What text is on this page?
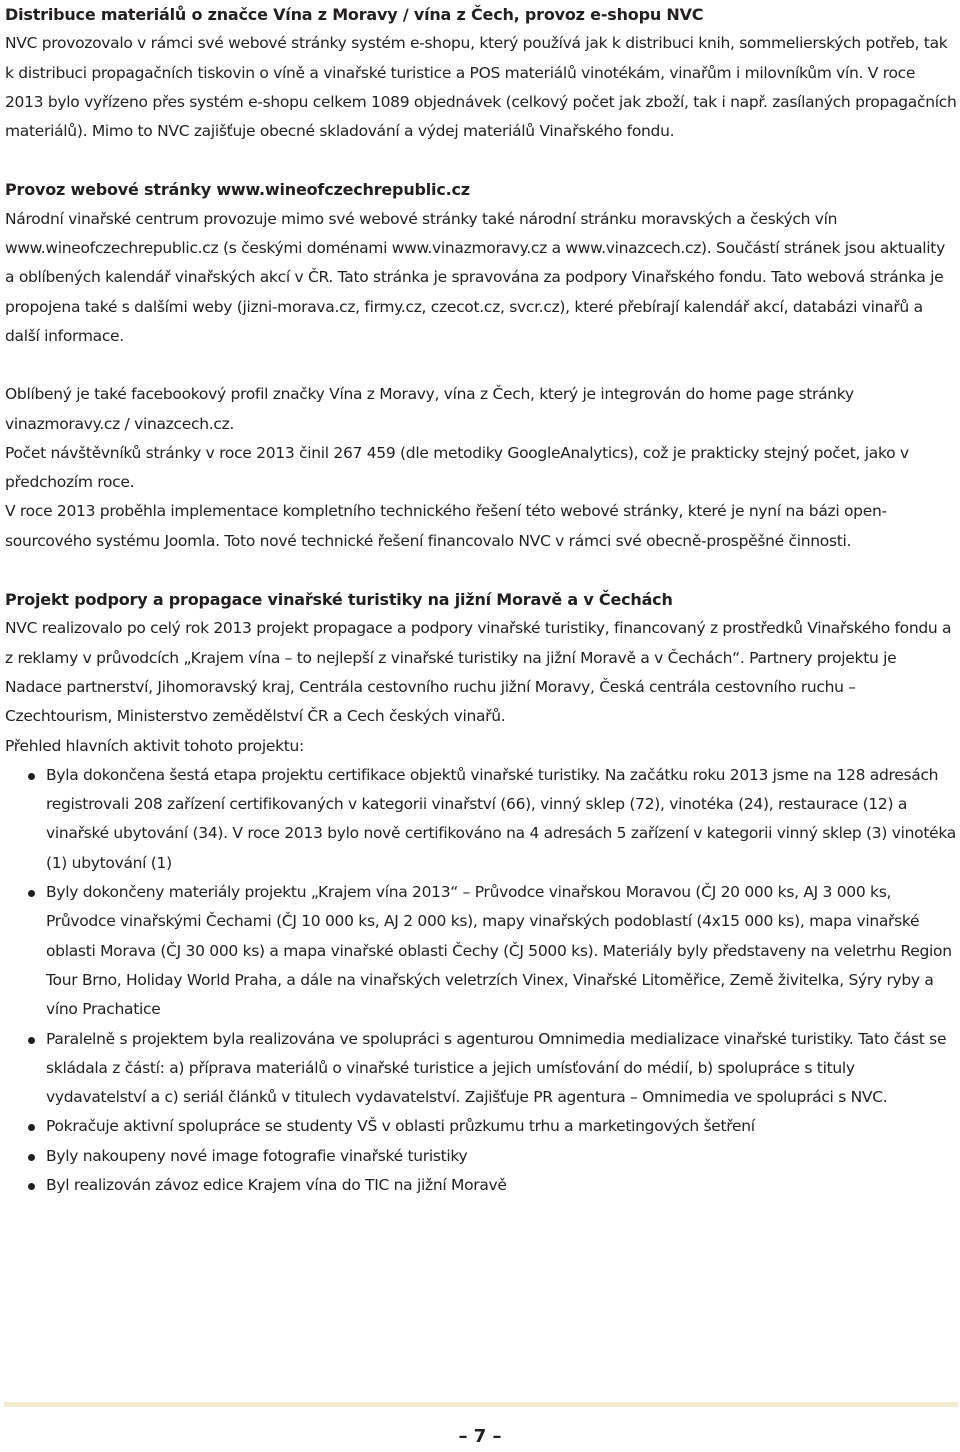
Distribuce materiálů o značce Vína z Moravy / vína z Čech, provoz e-shopu NVC

NVC provozovalo v rámci své webové stránky systém e-shopu, který používá jak k distribuci knih, sommelierských potřeb, tak k distribuci propagačních tiskovin o víně a vinařské turistice a POS materiálů vinotékám, vinařům i milovníkům vín. V roce 2013 bylo vyřízeno přes systém e-shopu celkem 1089 objednávek (celkový počet jak zboží, tak i např. zasílaných propagačních materiálů). Mimo to NVC zajišťuje obecné skladování a výdej materiálů Vinařského fondu.

Provoz webové stránky www.wineofczechrepublic.cz

Národní vinařské centrum provozuje mimo své webové stránky také národní stránku moravských a českých vín www.wineofczechrepublic.cz (s českými doménami www.vinazmoravy.cz a www.vinazcech.cz). Součástí stránek jsou aktuality a oblíbených kalendář vinařských akcí v ČR. Tato stránka je spravována za podpory Vinařského fondu. Tato webová stránka je propojena také s dalšími weby (jizni-morava.cz, firmy.cz, czecot.cz, svcr.cz), které přebírají kalendář akcí, databázi vinařů a další informace.

Oblíbený je také facebookový profil značky Vína z Moravy, vína z Čech, který je integrován do home page stránky vinazmoravy.cz / vinazcech.cz.

Počet návštěvníků stránky v roce 2013 činil 267 459 (dle metodiky GoogleAnalytics), což je prakticky stejný počet, jako v předchozím roce.

V roce 2013 proběhla implementace kompletního technického řešení této webové stránky, které je nyní na bázi open-sourcového systému Joomla. Toto nové technické řešení financovalo NVC v rámci své obecně-prospěšné činnosti.

Projekt podpory a propagace vinařské turistiky na jižní Moravě a v Čechách

NVC realizovalo po celý rok 2013 projekt propagace a podpory vinařské turistiky, financovaný z prostředků Vinařského fondu a z reklamy v průvodcích „Krajem vína – to nejlepší z vinařské turistiky na jižní Moravě a v Čechách“. Partnery projektu je Nadace partnerství, Jihomoravský kraj, Centrála cestovního ruchu jižní Moravy, Česká centrála cestovního ruchu – Czechtourism, Ministerstvo zemědělství ČR a Cech českých vinařů.

Přehled hlavních aktivit tohoto projektu:

Byla dokončena šestá etapa projektu certifikace objektů vinařské turistiky. Na začátku roku 2013 jsme na 128 adresách registrovali 208 zařízení certifikovaných v kategorii vinařství (66), vinný sklep (72), vinotéka (24), restaurace (12) a vinařské ubytování (34). V roce 2013 bylo nově certifikováno na 4 adresách 5 zařízení v kategorii vinný sklep (3) vinotéka (1) ubytování (1)
Byly dokončeny materiály projektu „Krajem vína 2013“ – Průvodce vinařskou Moravou (ČJ 20 000 ks, AJ 3 000 ks, Průvodce vinařskými Čechami (ČJ 10 000 ks, AJ 2 000 ks), mapy vinařských podoblastí (4x15 000 ks), mapa vinařské oblasti Morava (ČJ 30 000 ks) a mapa vinařské oblasti Čechy (ČJ 5000 ks). Materiály byly představeny na veletrhu Region Tour Brno, Holiday World Praha, a dále na vinařských veletrzích Vinex, Vinařské Litoměřice, Země živitelka, Sýry ryby a víno Prachatice
Paralelně s projektem byla realizována ve spolupráci s agenturou Omnimedia medializace vinařské turistiky. Tato část se skládala z částí: a) příprava materiálů o vinařské turistice a jejich umísťování do médií, b) spolupráce s tituly vydavatelství a c) seriál článků v titulech vydavatelství. Zajišťuje PR agentura – Omnimedia ve spolupráci s NVC.
Pokračuje aktivní spolupráce se studenty VŠ v oblasti průzkumu trhu a marketingových šetření
Byly nakoupeny nové image fotografie vinařské turistiky
Byl realizován závoz edice Krajem vína do TIC na jižní Moravě
– 7 –
